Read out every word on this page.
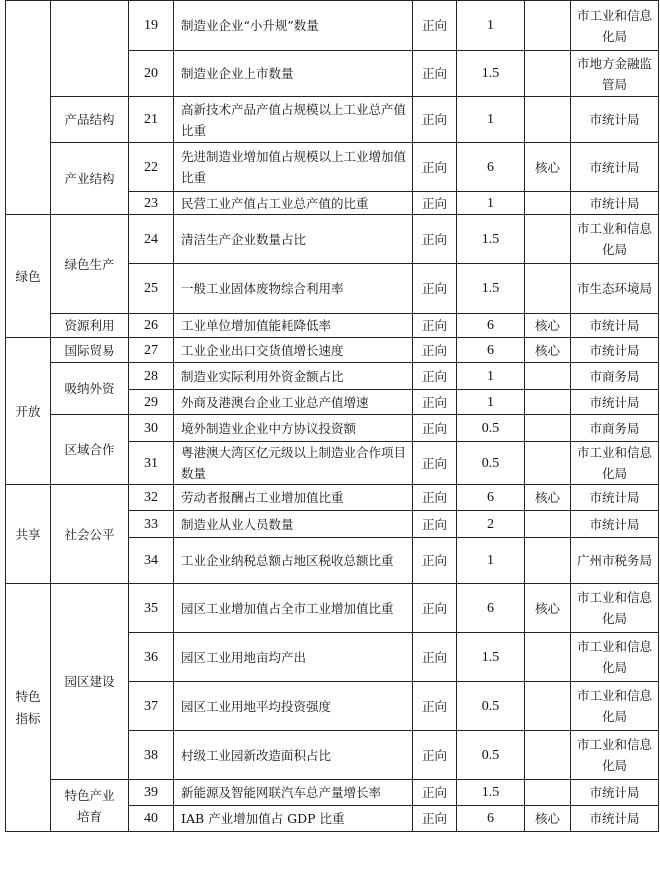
		19	制造业企业“小升规”数量	正向	1		市工业和信息化局
		20	制造业企业上市数量	正向	1.5		市地方金融监管局
	产品结构	21	高新技术产品产值占规模以上工业总产值比重	正向	1		市统计局
	产业结构	22	先进制造业增加值占规模以上工业增加值比重	正向	6	核心	市统计局
		23	民营工业产值占工业总产值的比重	正向	1		市统计局
绿色	绿色生产	24	清洁生产企业数量占比	正向	1.5		市工业和信息化局
		25	一般工业固体废物综合利用率	正向	1.5		市生态环境局
	资源利用	26	工业单位增加值能耗降低率	正向	6	核心	市统计局
开放	国际贸易	27	工业企业出口交货值增长速度	正向	6	核心	市统计局
	吸纳外资	28	制造业实际利用外资金额占比	正向	1		市商务局
		29	外商及港澳台企业工业总产值增速	正向	1		市统计局
	区域合作	30	境外制造业企业中方协议投资额	正向	0.5		市商务局
		31	粤港澳大湾区亿元级以上制造业合作项目数量	正向	0.5		市工业和信息化局
共享	社会公平	32	劳动者报酬占工业增加值比重	正向	6	核心	市统计局
		33	制造业从业人员数量	正向	2		市统计局
		34	工业企业纳税总额占地区税收总额比重	正向	1		广州市税务局
特色指标	园区建设	35	园区工业增加值占全市工业增加值比重	正向	6	核心	市工业和信息化局
		36	园区工业用地亩均产出	正向	1.5		市工业和信息化局
		37	园区工业用地平均投资强度	正向	0.5		市工业和信息化局
		38	村级工业园新改造面积占比	正向	0.5		市工业和信息化局
	特色产业培育	39	新能源及智能网联汽车总产量增长率	正向	1.5		市统计局
		40	IAB 产业增加值占 GDP 比重	正向	6	核心	市统计局
